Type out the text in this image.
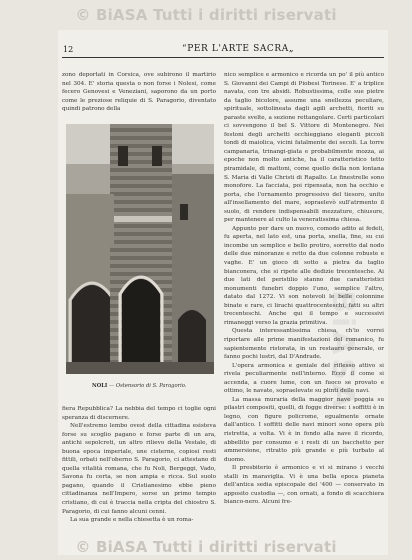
© BiASA Tutti i diritti riservati
© BiASA Tutti i diritti riservati
BiASA
12	“PER L'ARTE SACRA„

zono deportati in Corsica, ove subirono il martirio nel 304. E' storia questa o non forse i Nolesi, come fecero Genovesi e Veneziani, saporono da un porto come le preziose reliquie di S. Paragorio, diventato quindi patrono della

NOLI — Ostensorio di S. Paragorio.

fiera Repubblica? La nebbia del tempo ci toglie ogni speranza di discernere.

Nell'estremo lembo ovest della cittadina esisteva forse su scoglio pagano e forse parte di un ara, antichi sepolcreti, un altro rilievo della Vestale, di buona epoca imperiale, une cisterne, copiosi resti fittili, orbati nell'oberno S. Paragorio, ci attestano di quella vitalità romana, che fu Noli, Bergeggi, Vado, Savona fu certa, se non ampia e ricca. Sul suolo pagano, quando il Cristianesimo ebbe pieno cittadinanza nell'Impero, sorse un primo tempio cristiano, di cui è traccia nella cripta del chiostro S. Paragorio, di cui fanno alcuni cenni.

La sua grande e nella chiesetta è un roma-

nico semplice e armonico e ricorda un po' il più antico S. Giovanni dei Campi di Piobesi Torinese. E' a triplice navata, con tre absidi. Robustissima, colle sue pietre da taglio bicolore, assume una snellezza peculiare, spirituale, sottolineata dagli agili archetti, fioriti su paraste svelte, a sezione rettangolare. Certi particolari ci sovvengono il bel S. Vittore di Montenegro. Nei festoni degli archetti occhieggiano eleganti piccoli tondi di maiolica, vicini fatalmente dei secoli. La torre campanaria, trinangi-giata e probabilmente mozza, ai epoche non molto antiche, ha il caratteristico tetto piramidale, di mattoni, come quello della non lontana S. Maria di Valle Christi di Rapallo. Le finestrelle sono monofore. La facciata, poi ripensata, non ha occhio e porta, che l'ornamento progressivo del tiesoro, unito all'insellamento del mare, sopraelevò sull'atrmento il suolo, di rendere indispensabili mezzature, chiusure, per mantenere al culto la veneratissima chiesa.

Appunto per dare un nuovo, comodo adito ai fedeli, fu aperta, nel lato est, una porta, snella, fine, su cui incombe un semplice e bello protiro, sorretto dal nodo delle due minoranze e retto da due colonne robuste e vaghe. E' un gioco di sotto a pietra da taglio bianconera, che si ripete alle dedizie trecentesche. Ai due lati del peristilio stanno due caratteristici monumenti funebri doppio l'uno, semplice l'altro, datato dal 1272. Vi son notevoli le belle colonnine binate e rare, ci lirachi quattrocenteschi, fatti su altri trecenteschi. Anche qui il tempo e successivi rimaneggi verso la grazia primitiva.

Questa interessantissima chiesa, ch'io vorrei riportare alle prime manifestazioni del romanico, fu sapientemente ristorata, in un restauro generale, or fanno pochi lustri, dal D'Andrade.

L'opera armonica e geniale del riflesso attivo si rivela peculiarmente nell'interno. Ecco il come si accenda, a cuore lume, con un fuoco se provato e ottimo, le navate, sopraelevate su plinti delle navi.

La massa muraria della maggior nave poggia su pilastri compositi, quelli, di fogge diverse: i soffitti è in legno, con figure policrome, egualmente ornate dall'antico. I soffitti delle navi minori sono opera più ristretta, a volta. Vi è in fondo alla nave il ricordo, abbellito per consumo e i resti di un bacchetto per ammersione, ritratto più grande e più turbato al duomo.

Il presbiterio è armonico e vi si mirano i vecchi stalli in maraviglia. Vi è una bella epoca pianeta dell'antica sedia episcopale del '400 — conservato in apposito custodia —, con ornati, a fondo di scacchiera bianco-nero. Alcuni fre-
